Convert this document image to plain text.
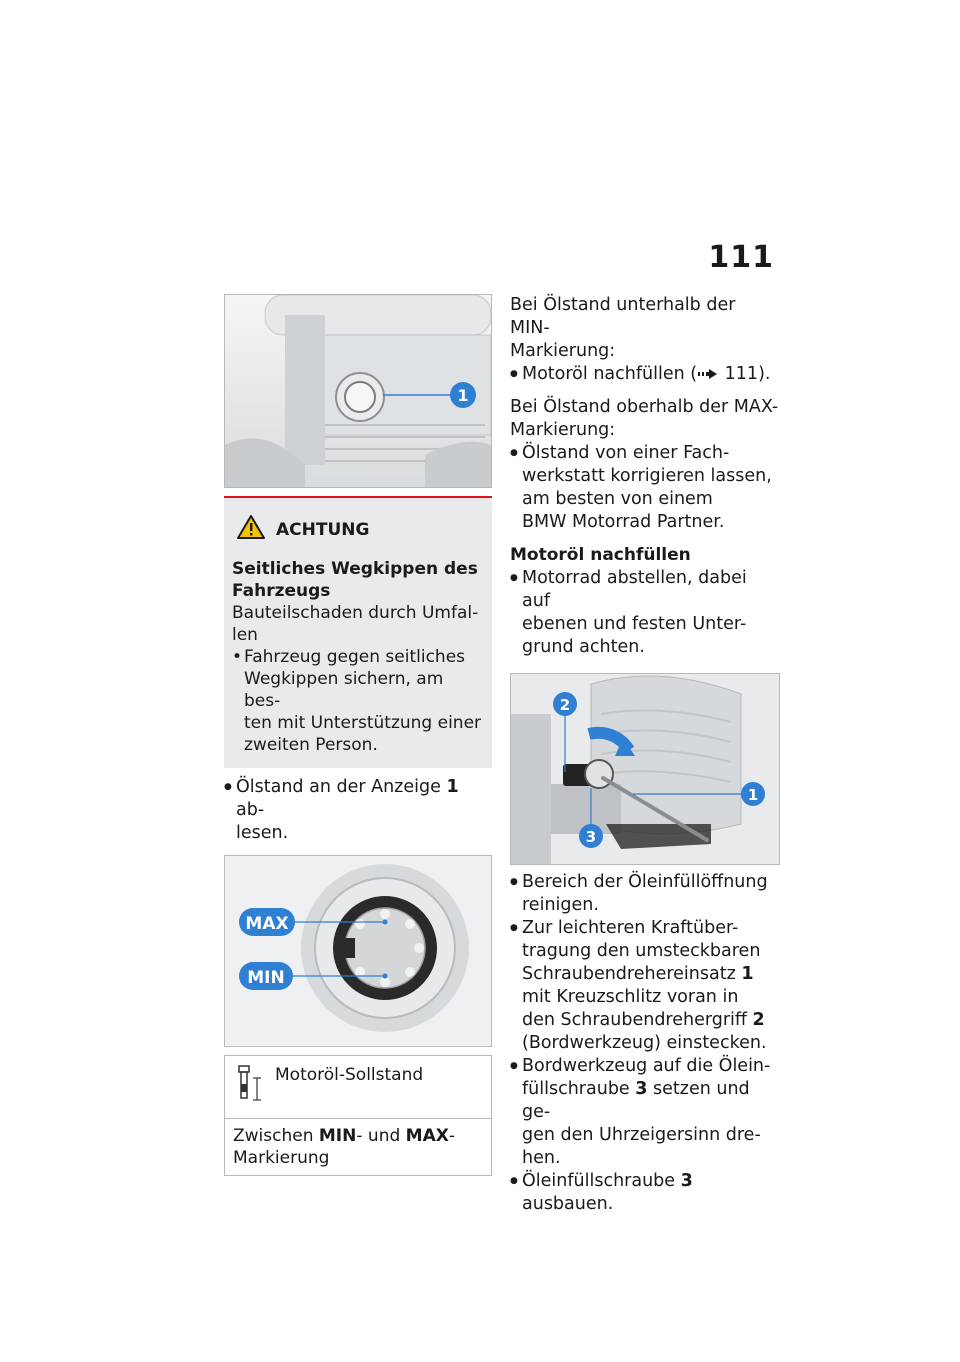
111
1
ACHTUNG
Seitliches Wegkippen des
Fahrzeugs
Bauteilschaden durch Umfal-
len
• Fahrzeug gegen seitliches
Wegkippen sichern, am bes-
ten mit Unterstützung einer
zweiten Person.
● Ölstand an der Anzeige 1 ab-
lesen.
MAX
MIN
Motoröl-Sollstand
Zwischen MIN- und MAX-
Markierung
Bei Ölstand unterhalb der MIN-
Markierung:
● Motoröl nachfüllen ( 111).
Bei Ölstand oberhalb der MAX-
Markierung:
● Ölstand von einer Fach-
werkstatt korrigieren lassen,
am besten von einem
BMW Motorrad Partner.
Motoröl nachfüllen
● Motorrad abstellen, dabei auf
ebenen und festen Unter-
grund achten.
2
3
1
● Bereich der Öleinfüllöffnung
reinigen.
● Zur leichteren Kraftüber-
tragung den umsteckbaren
Schraubendrehereinsatz 1
mit Kreuzschlitz voran in
den Schraubendrehergriff 2
(Bordwerkzeug) einstecken.
● Bordwerkzeug auf die Ölein-
füllschraube 3 setzen und ge-
gen den Uhrzeigersinn dre-
hen.
● Öleinfüllschraube 3 ausbauen.
